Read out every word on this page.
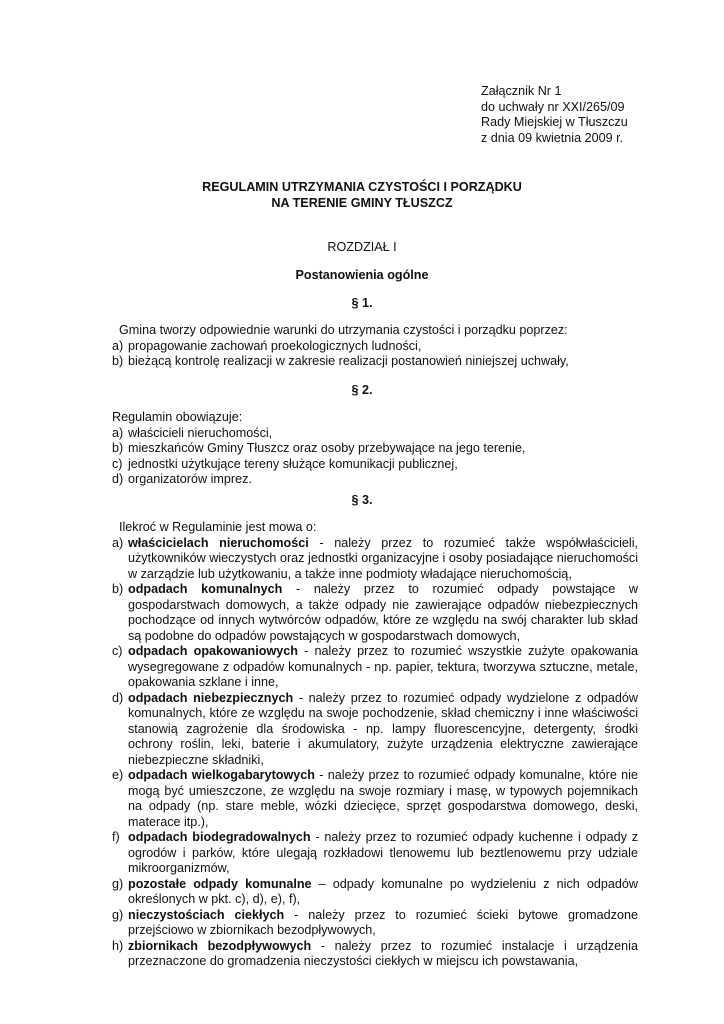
Załącznik Nr 1
do uchwały nr XXI/265/09
Rady Miejskiej w Tłuszczu
z dnia 09 kwietnia 2009 r.
REGULAMIN UTRZYMANIA CZYSTOŚCI I PORZĄDKU
NA TERENIE GMINY TŁUSZCZ
ROZDZIAŁ I
Postanowienia ogólne
§ 1.
Gmina tworzy odpowiednie warunki do utrzymania czystości i porządku poprzez:
a) propagowanie zachowań proekologicznych ludności,
b) bieżącą kontrolę realizacji w zakresie realizacji postanowień niniejszej uchwały,
§ 2.
Regulamin obowiązuje:
a) właścicieli nieruchomości,
b) mieszkańców Gminy Tłuszcz oraz osoby przebywające na jego terenie,
c) jednostki użytkujące tereny służące komunikacji publicznej,
d) organizatorów imprez.
§ 3.
Ilekroć w Regulaminie jest mowa o:
a) właścicielach nieruchomości - należy przez to rozumieć także współwłaścicieli, użytkowników wieczystych oraz jednostki organizacyjne i osoby posiadające nieruchomości w zarządzie lub użytkowaniu, a także inne podmioty władające nieruchomością,
b) odpadach komunalnych - należy przez to rozumieć odpady powstające w gospodarstwach domowych, a także odpady nie zawierające odpadów niebezpiecznych pochodzące od innych wytwórców odpadów, które ze względu na swój charakter lub skład są podobne do odpadów powstających w gospodarstwach domowych,
c) odpadach opakowaniowych - należy przez to rozumieć wszystkie zużyte opakowania wysegregowane z odpadów komunalnych - np. papier, tektura, tworzywa sztuczne, metale, opakowania szklane i inne,
d) odpadach niebezpiecznych - należy przez to rozumieć odpady wydzielone z odpadów komunalnych, które ze względu na swoje pochodzenie, skład chemiczny i inne właściwości stanowią zagrożenie dla środowiska - np. lampy fluorescencyjne, detergenty, środki ochrony roślin, leki, baterie i akumulatory, zużyte urządzenia elektryczne zawierające niebezpieczne składniki,
e) odpadach wielkogabarytowych - należy przez to rozumieć odpady komunalne, które nie mogą być umieszczone, ze względu na swoje rozmiary i masę, w typowych pojemnikach na odpady (np. stare meble, wózki dziecięce, sprzęt gospodarstwa domowego, deski, materace itp.),
f) odpadach biodegradowalnych - należy przez to rozumieć odpady kuchenne i odpady z ogrodów i parków, które ulegają rozkładowi tlenowemu lub beztlenowemu przy udziale mikroorganizmów,
g) pozostałe odpady komunalne – odpady komunalne po wydzieleniu z nich odpadów określonych w pkt. c), d), e), f),
g) nieczystościach ciekłych - należy przez to rozumieć ścieki bytowe gromadzone przejściowo w zbiornikach bezodpływowych,
h) zbiornikach bezodpływowych - należy przez to rozumieć instalacje i urządzenia przeznaczone do gromadzenia nieczystości ciekłych w miejscu ich powstawania,
